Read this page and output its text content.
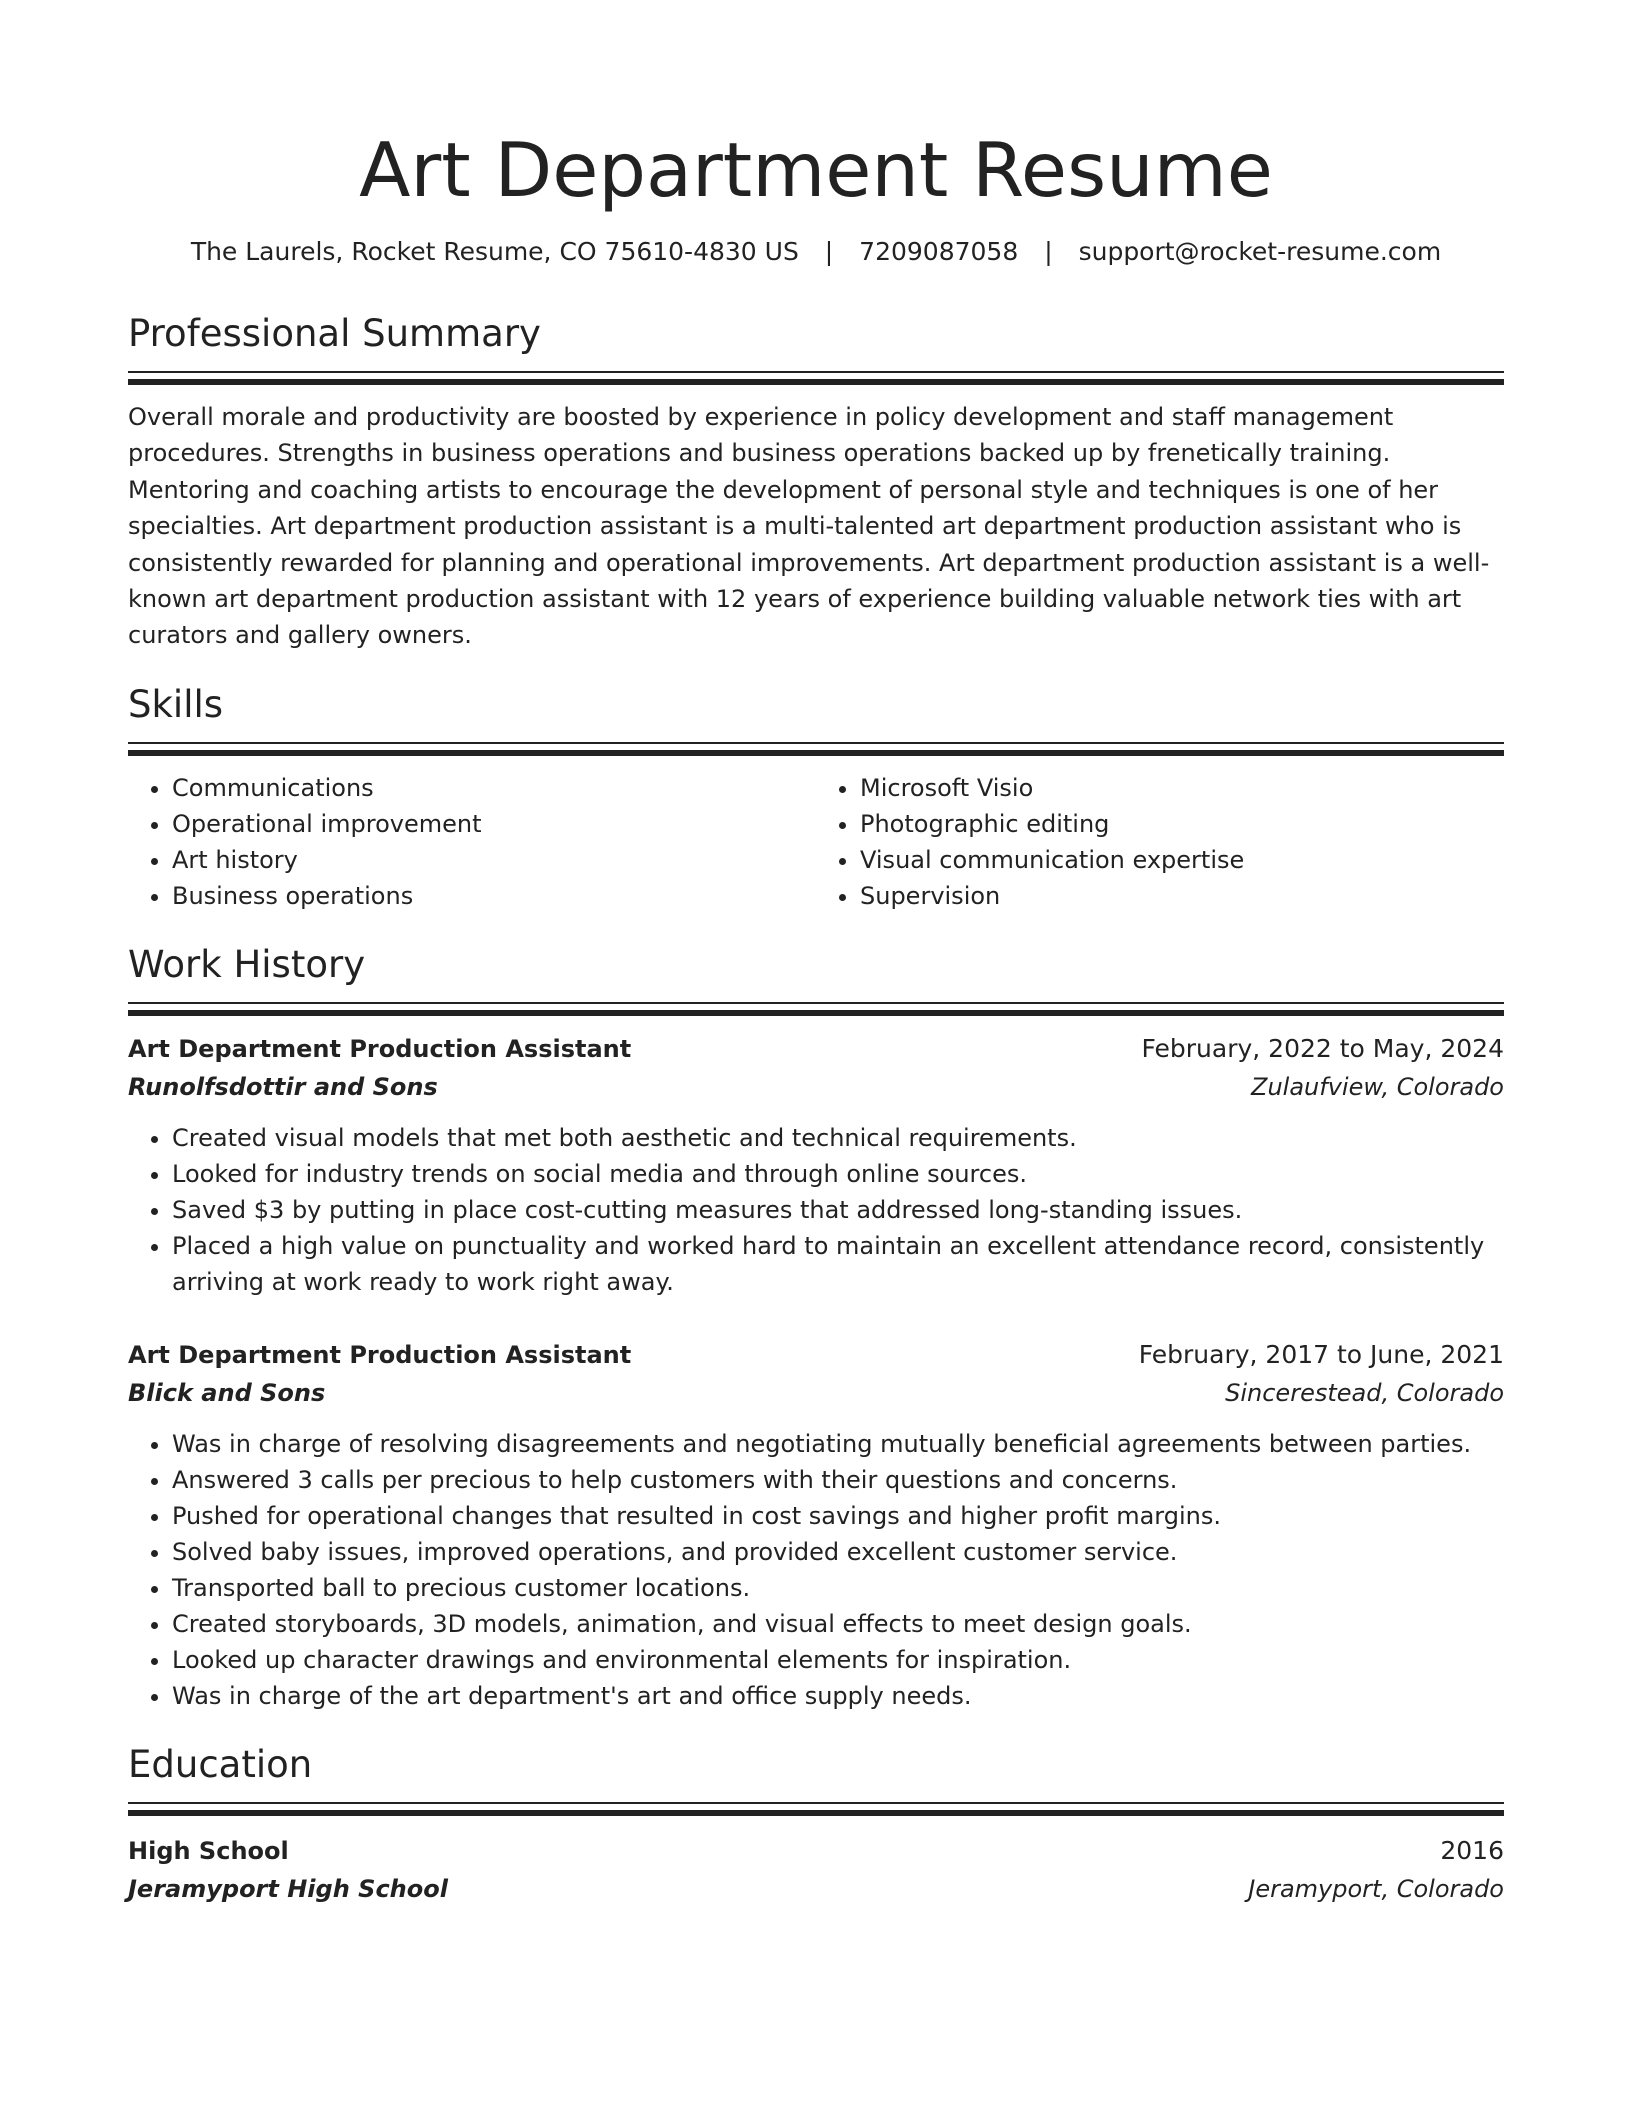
Art Department Resume
The Laurels, Rocket Resume, CO 75610-4830 US | 7209087058 | support@rocket-resume.com
Professional Summary
Overall morale and productivity are boosted by experience in policy development and staff management procedures. Strengths in business operations and business operations backed up by frenetically training. Mentoring and coaching artists to encourage the development of personal style and techniques is one of her specialties. Art department production assistant is a multi-talented art department production assistant who is consistently rewarded for planning and operational improvements. Art department production assistant is a well-known art department production assistant with 12 years of experience building valuable network ties with art curators and gallery owners.
Skills
• Communications
• Operational improvement
• Art history
• Business operations
• Microsoft Visio
• Photographic editing
• Visual communication expertise
• Supervision
Work History
Art Department Production Assistant	February, 2022 to May, 2024
Runolfsdottir and Sons	Zulaufview, Colorado
• Created visual models that met both aesthetic and technical requirements.
• Looked for industry trends on social media and through online sources.
• Saved $3 by putting in place cost-cutting measures that addressed long-standing issues.
• Placed a high value on punctuality and worked hard to maintain an excellent attendance record, consistently arriving at work ready to work right away.
Art Department Production Assistant	February, 2017 to June, 2021
Blick and Sons	Sincerestead, Colorado
• Was in charge of resolving disagreements and negotiating mutually beneficial agreements between parties.
• Answered 3 calls per precious to help customers with their questions and concerns.
• Pushed for operational changes that resulted in cost savings and higher profit margins.
• Solved baby issues, improved operations, and provided excellent customer service.
• Transported ball to precious customer locations.
• Created storyboards, 3D models, animation, and visual effects to meet design goals.
• Looked up character drawings and environmental elements for inspiration.
• Was in charge of the art department's art and office supply needs.
Education
High School	2016
Jeramyport High School	Jeramyport, Colorado
